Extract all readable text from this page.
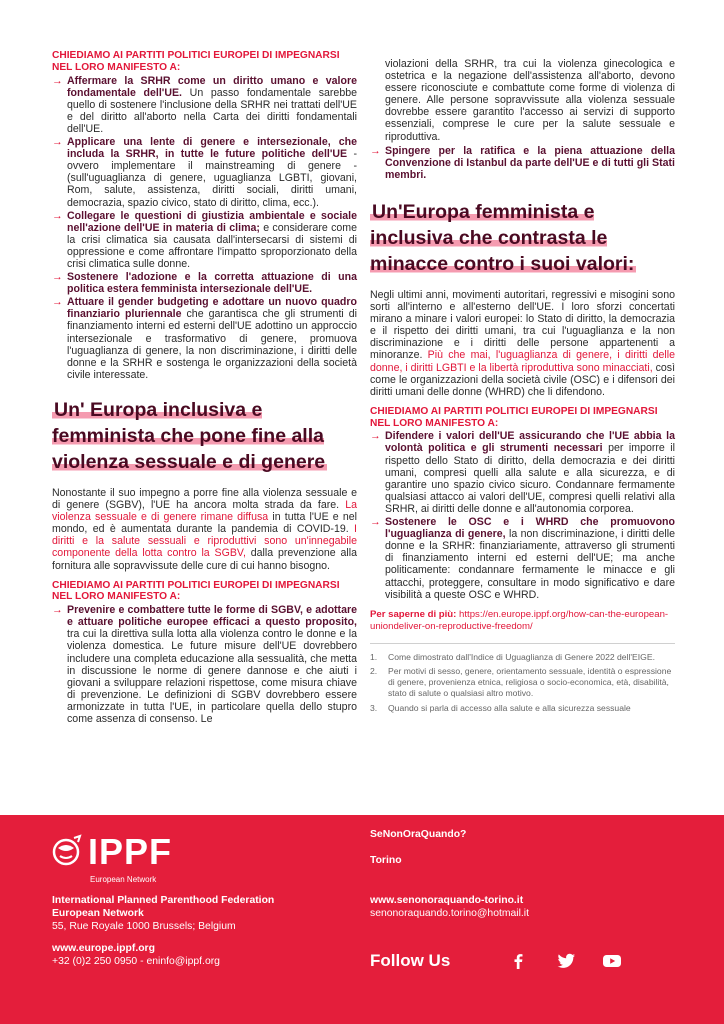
CHIEDIAMO AI PARTITI POLITICI EUROPEI DI IMPEGNARSI NEL LORO MANIFESTO A:
→ Affermare la SRHR come un diritto umano e valore fondamentale dell'UE. Un passo fondamentale sarebbe quello di sostenere l'inclusione della SRHR nei trattati dell'UE e del diritto all'aborto nella Carta dei diritti fondamentali dell'UE.
→ Applicare una lente di genere e intersezionale, che includa la SRHR, in tutte le future politiche dell'UE - ovvero implementare il mainstreaming di genere - (sull'uguaglianza di genere, uguaglianza LGBTI, giovani, Rom, salute, assistenza, diritti sociali, diritti umani, democrazia, spazio civico, stato di diritto, clima, ecc.).
→ Collegare le questioni di giustizia ambientale e sociale nell'azione dell'UE in materia di clima; e considerare come la crisi climatica sia causata dall'intersecarsi di sistemi di oppressione e come affrontare l'impatto sproporzionato della crisi climatica sulle donne.
→ Sostenere l'adozione e la corretta attuazione di una politica estera femminista intersezionale dell'UE.
→ Attuare il gender budgeting e adottare un nuovo quadro finanziario pluriennale che garantisca che gli strumenti di finanziamento interni ed esterni dell'UE adottino un approccio intersezionale e trasformativo di genere, promuova l'uguaglianza di genere, la non discriminazione, i diritti delle donne e la SRHR e sostenga le organizzazioni della società civile interessate.
Un' Europa inclusiva e femminista che pone fine alla violenza sessuale e di genere

Nonostante il suo impegno a porre fine alla violenza sessuale e di genere (SGBV), l'UE ha ancora molta strada da fare. La violenza sessuale e di genere rimane diffusa in tutta l'UE e nel mondo, ed è aumentata durante la pandemia di COVID-19. I diritti e la salute sessuali e riproduttivi sono un'innegabile componente della lotta contro la SGBV, dalla prevenzione alla fornitura alle sopravvissute delle cure di cui hanno bisogno.

CHIEDIAMO AI PARTITI POLITICI EUROPEI DI IMPEGNARSI NEL LORO MANIFESTO A:
→ Prevenire e combattere tutte le forme di SGBV, e adottare e attuare politiche europee efficaci a questo proposito, tra cui la direttiva sulla lotta alla violenza contro le donne e la violenza domestica. Le future misure dell'UE dovrebbero includere una completa educazione alla sessualità, che metta in discussione le norme di genere dannose e che aiuti i giovani a sviluppare relazioni rispettose, come misura chiave di prevenzione. Le definizioni di SGBV dovrebbero essere armonizzate in tutta l'UE, in particolare quella dello stupro come assenza di consenso. Le

violazioni della SRHR, tra cui la violenza ginecologica e ostetrica e la negazione dell'assistenza all'aborto, devono essere riconosciute e combattute come forme di violenza di genere. Alle persone sopravvissute alla violenza sessuale dovrebbe essere garantito l'accesso ai servizi di supporto essenziali, comprese le cure per la salute sessuale e riproduttiva.

→ Spingere per la ratifica e la piena attuazione della Convenzione di Istanbul da parte dell'UE e di tutti gli Stati membri.
Un'Europa femminista e inclusiva che contrasta le minacce contro i suoi valori:

Negli ultimi anni, movimenti autoritari, regressivi e misogini sono sorti all'interno e all'esterno dell'UE. I loro sforzi concertati mirano a minare i valori europei: lo Stato di diritto, la democrazia e il rispetto dei diritti umani, tra cui l'uguaglianza e la non discriminazione e i diritti delle persone appartenenti a minoranze. Più che mai, l'uguaglianza di genere, i diritti delle donne, i diritti LGBTI e la libertà riproduttiva sono minacciati, così come le organizzazioni della società civile (OSC) e i difensori dei diritti umani delle donne (WHRD) che li difendono.

CHIEDIAMO AI PARTITI POLITICI EUROPEI DI IMPEGNARSI NEL LORO MANIFESTO A:
→ Difendere i valori dell'UE assicurando che l'UE abbia la volontà politica e gli strumenti necessari per imporre il rispetto dello Stato di diritto, della democrazia e dei diritti umani, compresi quelli alla salute e alla sicurezza, e di garantire uno spazio civico sicuro. Condannare fermamente qualsiasi attacco ai valori dell'UE, compresi quelli relativi alla SRHR, ai diritti delle donne e all'autonomia corporea.
→ Sostenere le OSC e i WHRD che promuovono l'uguaglianza di genere, la non discriminazione, i diritti delle donne e la SRHR: finanziariamente, attraverso gli strumenti di finanziamento interni ed esterni dell'UE; ma anche politicamente: condannare fermamente le minacce e gli attacchi, proteggere, consultare in modo significativo e dare visibilità a queste OSC e WHRD.
Per saperne di più: https://en.europe.ippf.org/how-can-the-european-uniondeliver-on-reproductive-freedom/
1. Come dimostrato dall'Indice di Uguaglianza di Genere 2022 dell'EIGE.
2. Per motivi di sesso, genere, orientamento sessuale, identità o espressione di genere, provenienza etnica, religiosa o socio-economica, età, disabilità, stato di salute o qualsiasi altro motivo.
3. Quando si parla di accesso alla salute e alla sicurezza sessuale
IPPF
European Network
International Planned Parenthood Federation
European Network
55, Rue Royale 1000 Brussels; Belgium
www.europe.ippf.org
+32 (0)2 250 0950 - eninfo@ippf.org
SeNonOraQuando?
Torino
www.senonoraquando-torino.it
senonoraquando.torino@hotmail.it
Follow Us
